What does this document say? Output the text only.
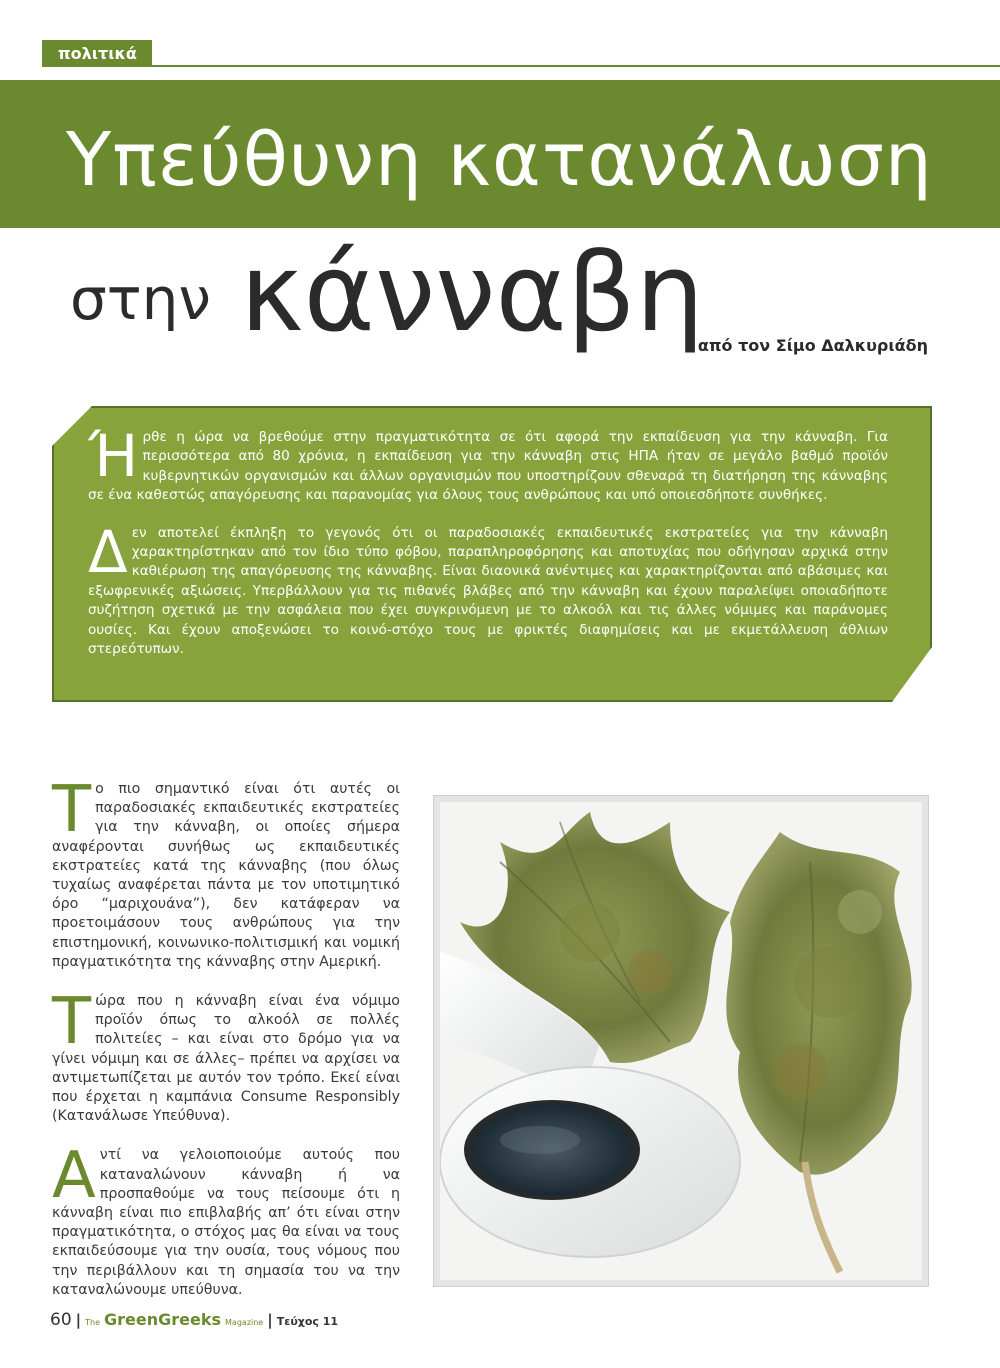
πολιτικά
Υπεύθυνη κατανάλωση
στην κάνναβη
από τον Σίμο Δαλκυριάδη

Ήρθε η ώρα να βρεθούμε στην πραγματικότητα σε ότι αφορά την εκπαίδευση για την κάνναβη. Για περισσότερα από 80 χρόνια, η εκπαίδευση για την κάνναβη στις ΗΠΑ ήταν σε μεγάλο βαθμό προϊόν κυβερνητικών οργανισμών και άλλων οργανισμών που υποστηρίζουν σθεναρά τη διατήρηση της κάνναβης σε ένα καθεστώς απαγόρευσης και παρανομίας για όλους τους ανθρώπους και υπό οποιεσδήποτε συνθήκες.

Δεν αποτελεί έκπληξη το γεγονός ότι οι παραδοσιακές εκπαιδευτικές εκστρατείες για την κάνναβη χαρακτηρίστηκαν από τον ίδιο τύπο φόβου, παραπληροφόρησης και αποτυχίας που οδήγησαν αρχικά στην καθιέρωση της απαγόρευσης της κάνναβης. Είναι διαονικά ανέντιμες και χαρακτηρίζονται από αβάσιμες και εξωφρενικές αξιώσεις. Υπερβάλλουν για τις πιθανές βλάβες από την κάνναβη και έχουν παραλείψει οποιαδήποτε συζήτηση σχετικά με την ασφάλεια που έχει συγκρινόμενη με το αλκοόλ και τις άλλες νόμιμες και παράνομες ουσίες. Και έχουν αποξενώσει το κοινό-στόχο τους με φρικτές διαφημίσεις και με εκμετάλλευση άθλιων στερεότυπων.

Το πιο σημαντικό είναι ότι αυτές οι παραδοσιακές εκπαιδευτικές εκστρατείες για την κάνναβη, οι οποίες σήμερα αναφέρονται συνήθως ως εκπαιδευτικές εκστρατείες κατά της κάνναβης (που όλως τυχαίως αναφέρεται πάντα με τον υποτιμητικό όρο “μαριχουάνα”), δεν κατάφεραν να προετοιμάσουν τους ανθρώπους για την επιστημονική, κοινωνικο-πολιτισμική και νομική πραγματικότητα της κάνναβης στην Αμερική.

Τώρα που η κάνναβη είναι ένα νόμιμο προϊόν όπως το αλκοόλ σε πολλές πολιτείες – και είναι στο δρόμο για να γίνει νόμιμη και σε άλλες– πρέπει να αρχίσει να αντιμετωπίζεται με αυτόν τον τρόπο. Εκεί είναι που έρχεται η καμπάνια Consume Responsibly (Κατανάλωσε Υπεύθυνα).

Αντί να γελοιοποιούμε αυτούς που καταναλώνουν κάνναβη ή να προσπαθούμε να τους πείσουμε ότι η κάνναβη είναι πιο επιβλαβής απ’ ότι είναι στην πραγματικότητα, ο στόχος μας θα είναι να τους εκπαιδεύσουμε για την ουσία, τους νόμους που την περιβάλλουν και τη σημασία του να την καταναλώνουμε υπεύθυνα.

60 | The GreenGreeks Magazine | Τεύχος 11
